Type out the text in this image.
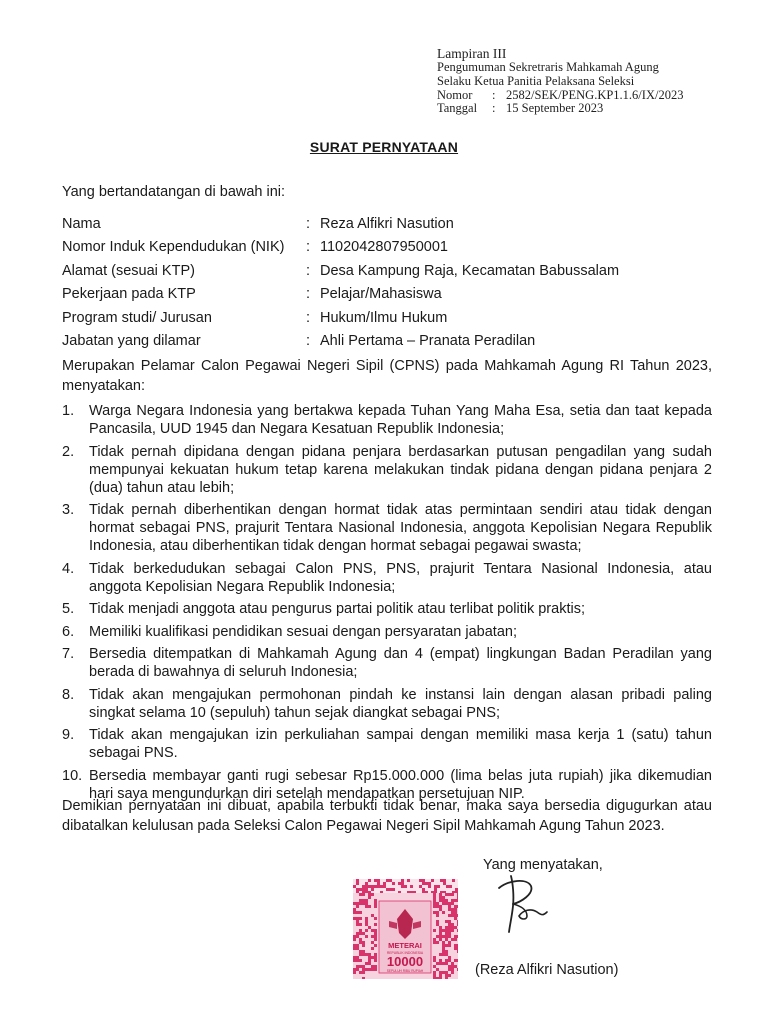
Lampiran III
Pengumuman Sekretraris Mahkamah Agung
Selaku Ketua Panitia Pelaksana Seleksi
Nomor	: 2582/SEK/PENG.KP1.1.6/IX/2023
Tanggal	: 15 September 2023
SURAT PERNYATAAN
Yang bertandatangan di bawah ini:
Nama	: Reza Alfikri Nasution
Nomor Induk Kependudukan (NIK)	: 1102042807950001
Alamat (sesuai KTP)	: Desa Kampung Raja, Kecamatan Babussalam
Pekerjaan pada KTP	: Pelajar/Mahasiswa
Program studi/ Jurusan	: Hukum/Ilmu Hukum
Jabatan yang dilamar	: Ahli Pertama – Pranata Peradilan
Merupakan Pelamar Calon Pegawai Negeri Sipil (CPNS) pada Mahkamah Agung RI Tahun 2023, menyatakan:
1.	Warga Negara Indonesia yang bertakwa kepada Tuhan Yang Maha Esa, setia dan taat kepada Pancasila, UUD 1945 dan Negara Kesatuan Republik Indonesia;
2.	Tidak pernah dipidana dengan pidana penjara berdasarkan putusan pengadilan yang sudah mempunyai kekuatan hukum tetap karena melakukan tindak pidana dengan pidana penjara 2 (dua) tahun atau lebih;
3.	Tidak pernah diberhentikan dengan hormat tidak atas permintaan sendiri atau tidak dengan hormat sebagai PNS, prajurit Tentara Nasional Indonesia, anggota Kepolisian Negara Republik Indonesia, atau diberhentikan tidak dengan hormat sebagai pegawai swasta;
4.	Tidak berkedudukan sebagai Calon PNS, PNS, prajurit Tentara Nasional Indonesia, atau anggota Kepolisian Negara Republik Indonesia;
5.	Tidak menjadi anggota atau pengurus partai politik atau terlibat politik praktis;
6.	Memiliki kualifikasi pendidikan sesuai dengan persyaratan jabatan;
7.	Bersedia ditempatkan di Mahkamah Agung dan 4 (empat) lingkungan Badan Peradilan yang berada di bawahnya di seluruh Indonesia;
8.	Tidak akan mengajukan permohonan pindah ke instansi lain dengan alasan pribadi paling singkat selama 10 (sepuluh) tahun sejak diangkat sebagai PNS;
9.	Tidak akan mengajukan izin perkuliahan sampai dengan memiliki masa kerja 1 (satu) tahun sebagai PNS.
10. Bersedia membayar ganti rugi sebesar Rp15.000.000 (lima belas juta rupiah) jika dikemudian hari saya mengundurkan diri setelah mendapatkan persetujuan NIP.
Demikian pernyataan ini dibuat, apabila terbukti tidak benar, maka saya bersedia digugurkan atau dibatalkan kelulusan pada Seleksi Calon Pegawai Negeri Sipil Mahkamah Agung Tahun 2023.
Yang menyatakan,
METERAI
REPUBLIK INDONESIA
10000
SEPULUH RIBU RUPIAH	(Reza Alfikri Nasution)
